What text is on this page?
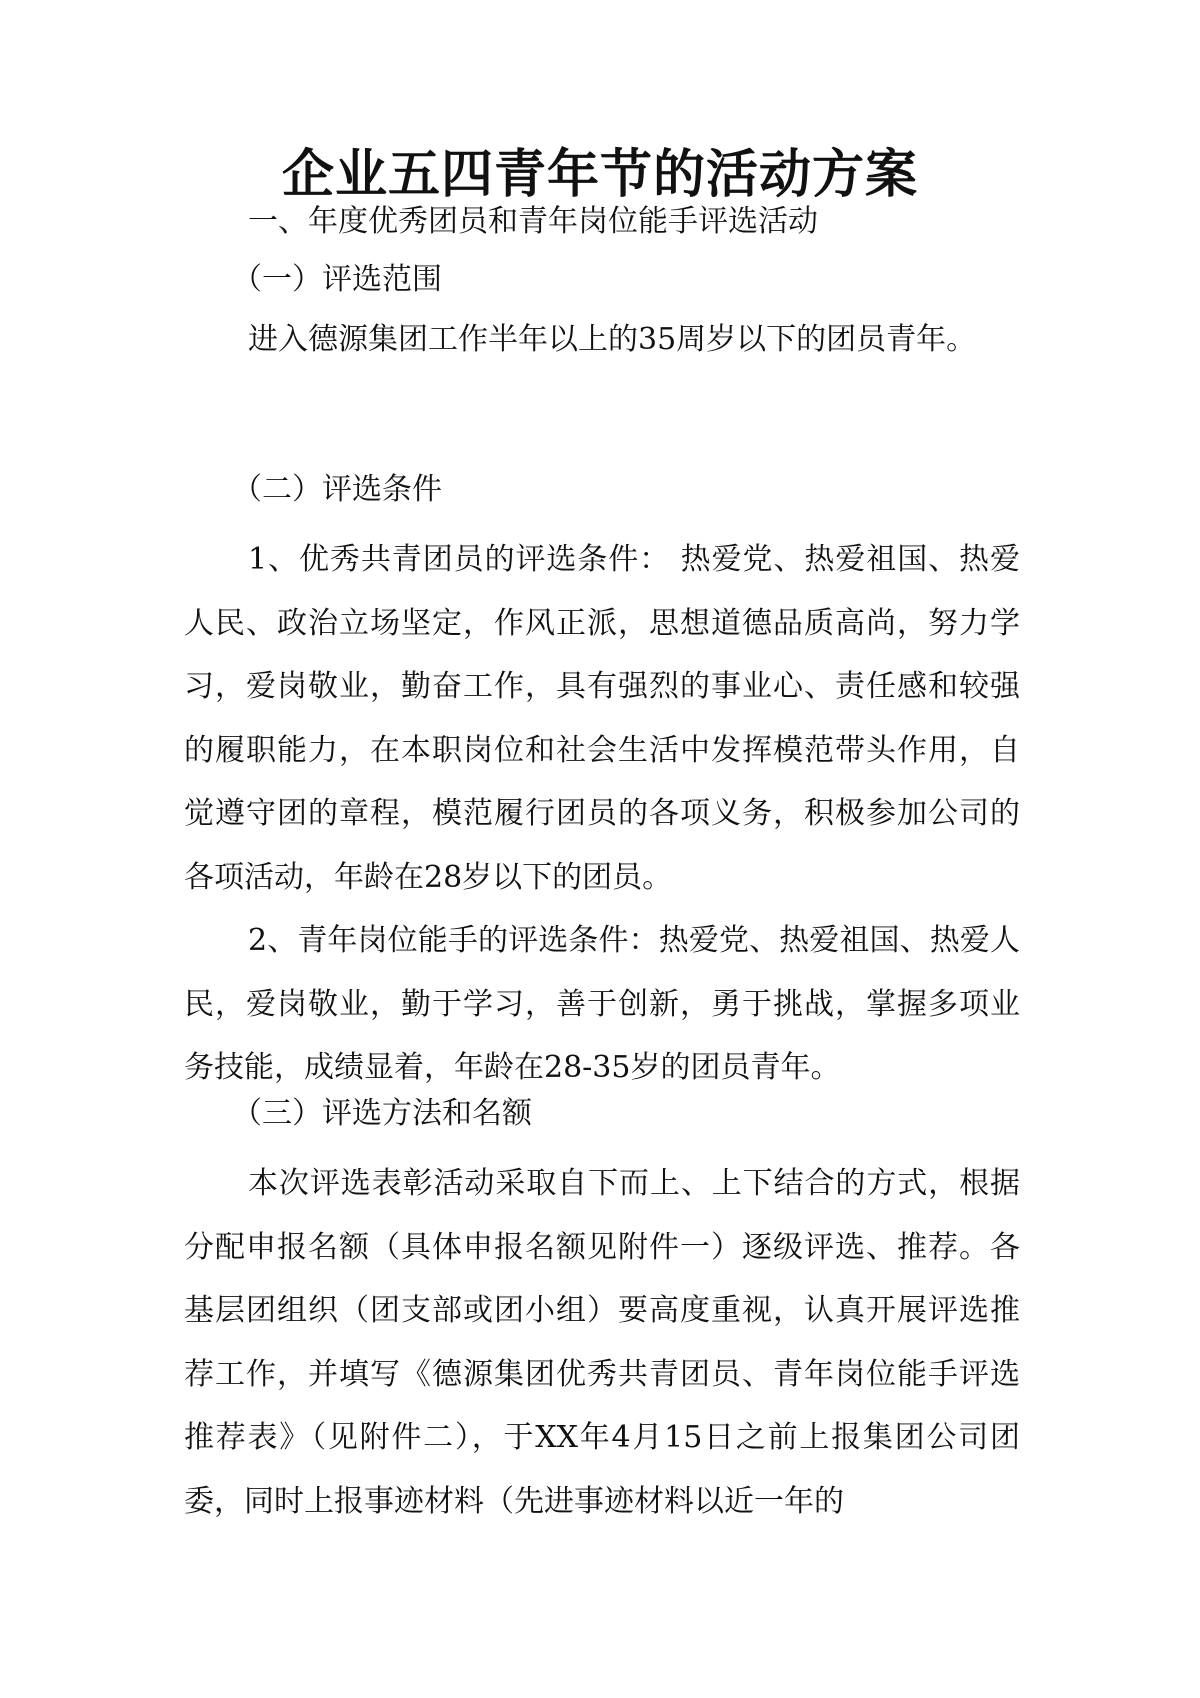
企业五四青年节的活动方案

一、年度优秀团员和青年岗位能手评选活动

（一）评选范围

进入德源集团工作半年以上的35周岁以下的团员青年。

（二）评选条件

1、优秀共青团员的评选条件： 热爱党、热爱祖国、热爱人民、政治立场坚定，作风正派，思想道德品质高尚，努力学习，爱岗敬业，勤奋工作，具有强烈的事业心、责任感和较强的履职能力，在本职岗位和社会生活中发挥模范带头作用，自觉遵守团的章程，模范履行团员的各项义务，积极参加公司的各项活动，年龄在28岁以下的团员。

2、青年岗位能手的评选条件：热爱党、热爱祖国、热爱人民，爱岗敬业，勤于学习，善于创新，勇于挑战，掌握多项业务技能，成绩显着，年龄在28-35岁的团员青年。

（三）评选方法和名额

本次评选表彰活动采取自下而上、上下结合的方式，根据分配申报名额（具体申报名额见附件一）逐级评选、推荐。各基层团组织（团支部或团小组）要高度重视，认真开展评选推荐工作，并填写《德源集团优秀共青团员、青年岗位能手评选推荐表》（见附件二），于XX年4月15日之前上报集团公司团委，同时上报事迹材料（先进事迹材料以近一年的
